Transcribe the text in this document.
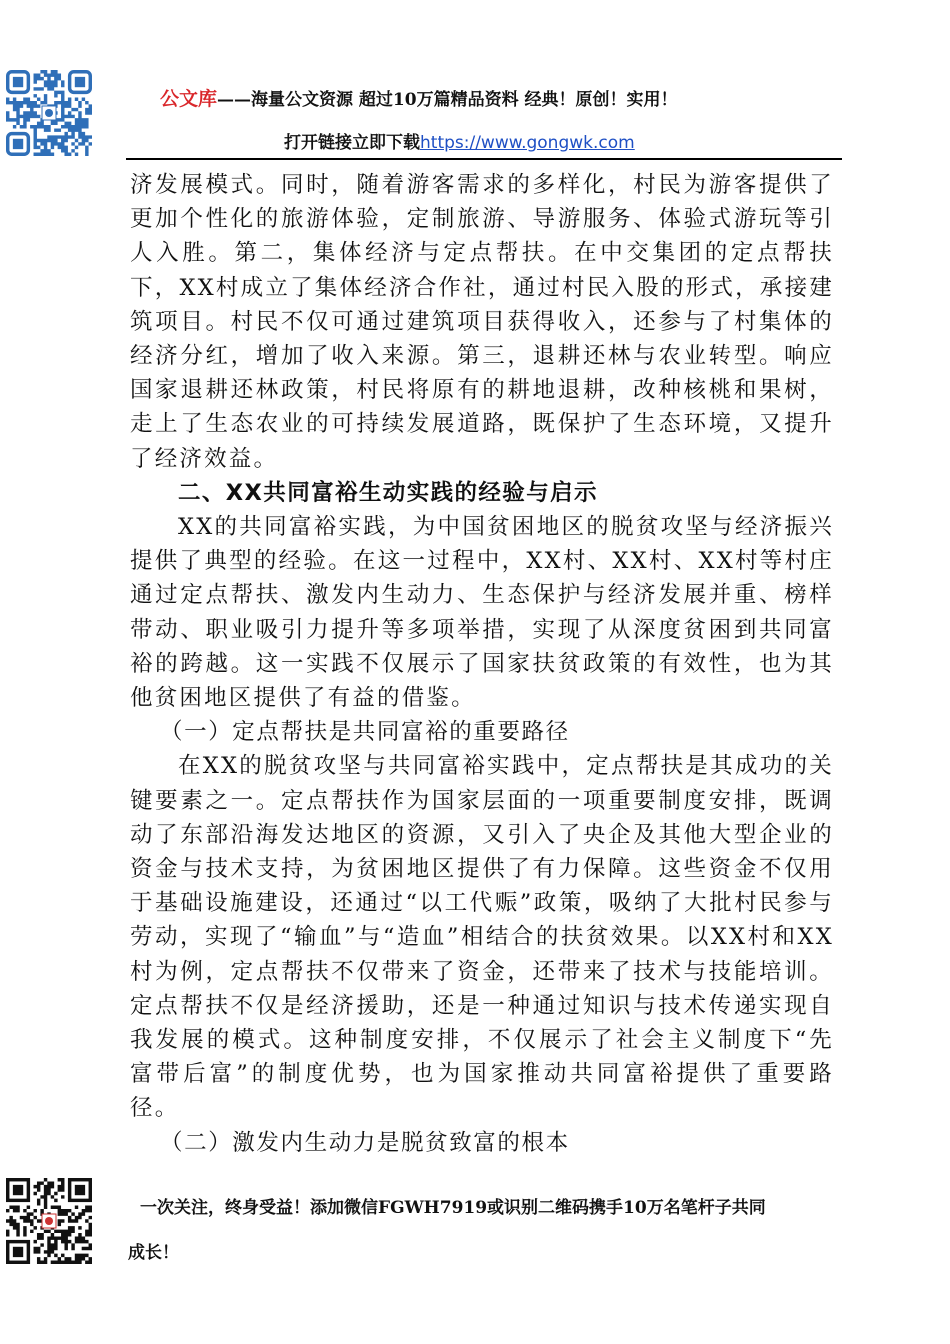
公文库——海量公文资源 超过10万篇精品资料 经典！原创！实用！
打开链接立即下载https://www.gongwk.com

济发展模式。同时，随着游客需求的多样化，村民为游客提供了更加个性化的旅游体验，定制旅游、导游服务、体验式游玩等引人入胜。第二，集体经济与定点帮扶。在中交集团的定点帮扶下，XX村成立了集体经济合作社，通过村民入股的形式，承接建筑项目。村民不仅可通过建筑项目获得收入，还参与了村集体的经济分红，增加了收入来源。第三，退耕还林与农业转型。响应国家退耕还林政策，村民将原有的耕地退耕，改种核桃和果树，走上了生态农业的可持续发展道路，既保护了生态环境，又提升了经济效益。

二、XX共同富裕生动实践的经验与启示

XX的共同富裕实践，为中国贫困地区的脱贫攻坚与经济振兴提供了典型的经验。在这一过程中，XX村、XX村、XX村等村庄通过定点帮扶、激发内生动力、生态保护与经济发展并重、榜样带动、职业吸引力提升等多项举措，实现了从深度贫困到共同富裕的跨越。这一实践不仅展示了国家扶贫政策的有效性，也为其他贫困地区提供了有益的借鉴。

（一）定点帮扶是共同富裕的重要路径

在XX的脱贫攻坚与共同富裕实践中，定点帮扶是其成功的关键要素之一。定点帮扶作为国家层面的一项重要制度安排，既调动了东部沿海发达地区的资源，又引入了央企及其他大型企业的资金与技术支持，为贫困地区提供了有力保障。这些资金不仅用于基础设施建设，还通过“以工代赈”政策，吸纳了大批村民参与劳动，实现了“输血”与“造血”相结合的扶贫效果。以XX村和XX村为例，定点帮扶不仅带来了资金，还带来了技术与技能培训。定点帮扶不仅是经济援助，还是一种通过知识与技术传递实现自我发展的模式。这种制度安排，不仅展示了社会主义制度下“先富带后富”的制度优势，也为国家推动共同富裕提供了重要路径。

（二）激发内生动力是脱贫致富的根本
一次关注，终身受益！添加微信FGWH7919或识别二维码携手10万名笔杆子共同
成长！
